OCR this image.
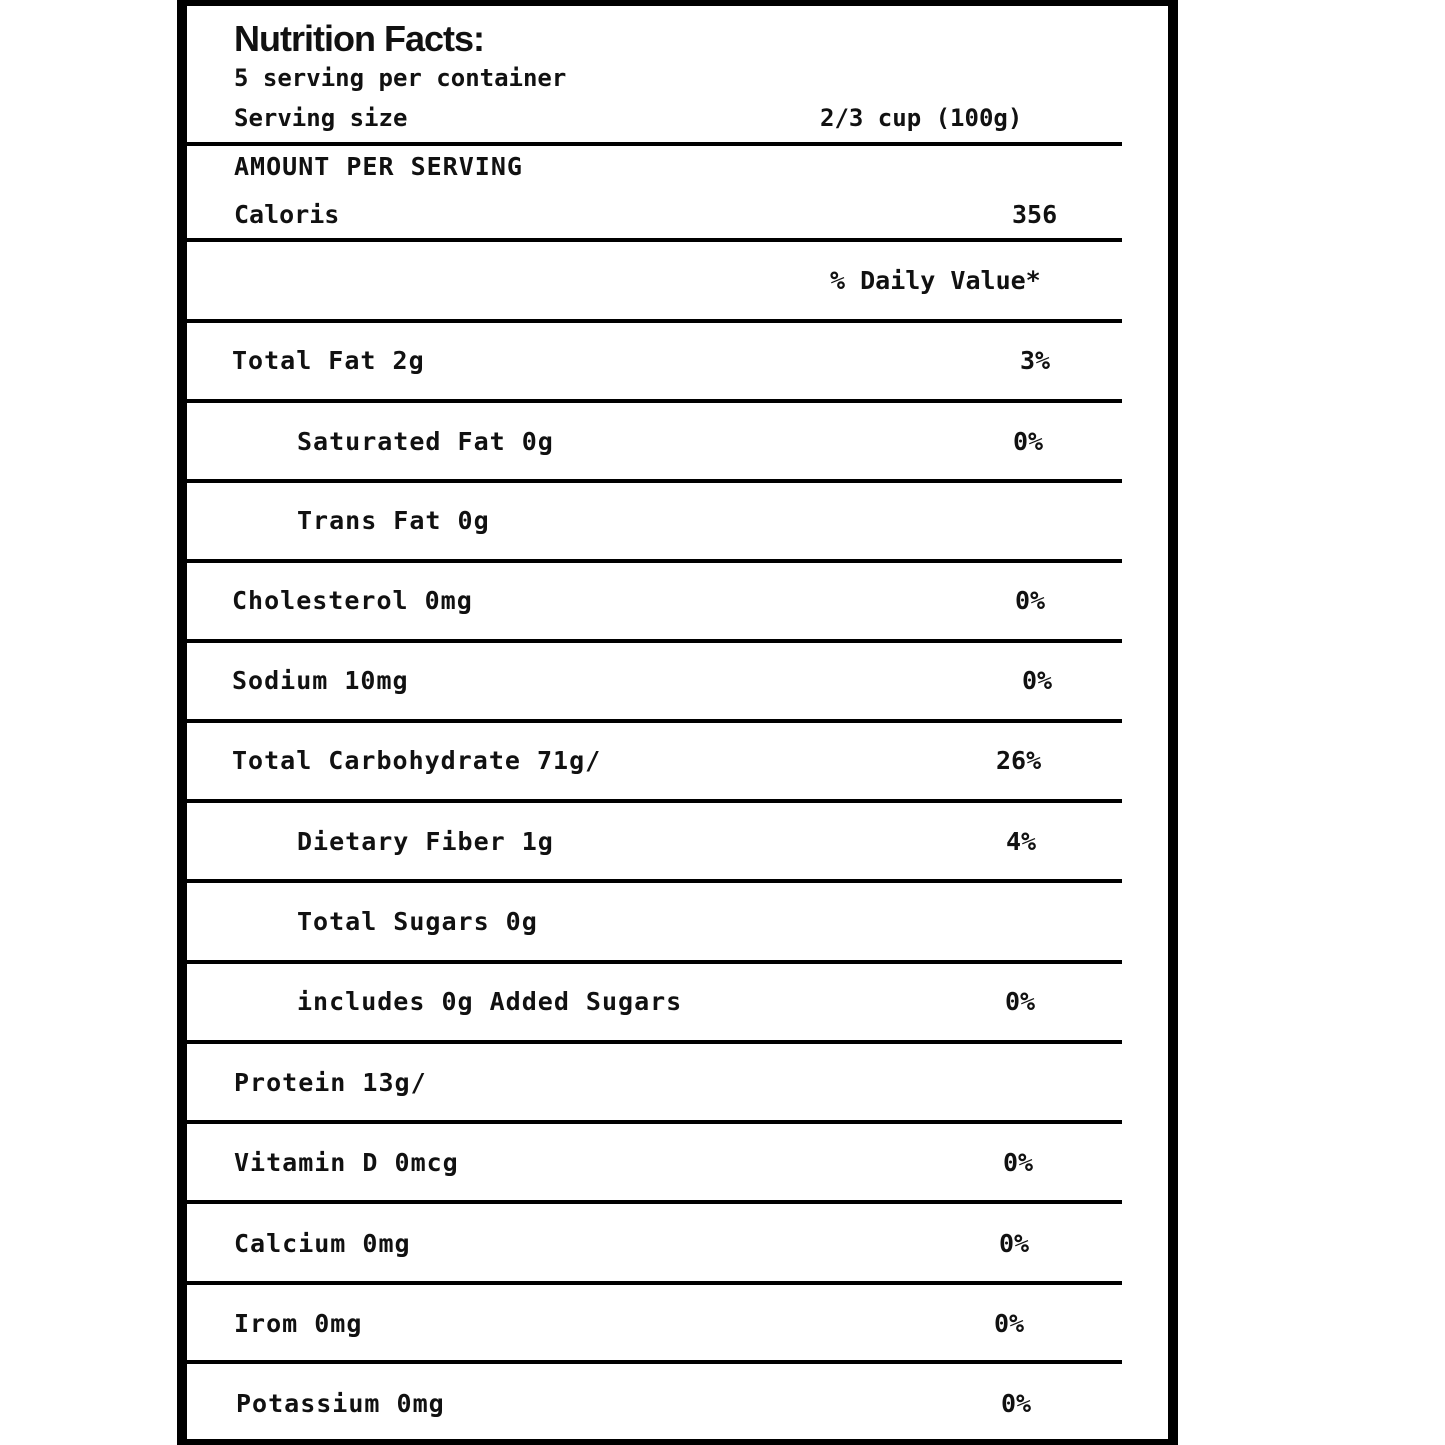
Nutrition Facts:
5 serving per container
Serving size	2/3 cup (100g)
AMOUNT PER SERVING
Caloris	356
% Daily Value*
Total Fat 2g	3%
Saturated Fat 0g	0%
Trans Fat 0g
Cholesterol 0mg	0%
Sodium 10mg	0%
Total Carbohydrate 71g/	26%
Dietary Fiber 1g	4%
Total Sugars 0g
includes 0g Added Sugars	0%
Protein 13g/
Vitamin D 0mcg	0%
Calcium 0mg	0%
Irom 0mg	0%
Potassium 0mg	0%
